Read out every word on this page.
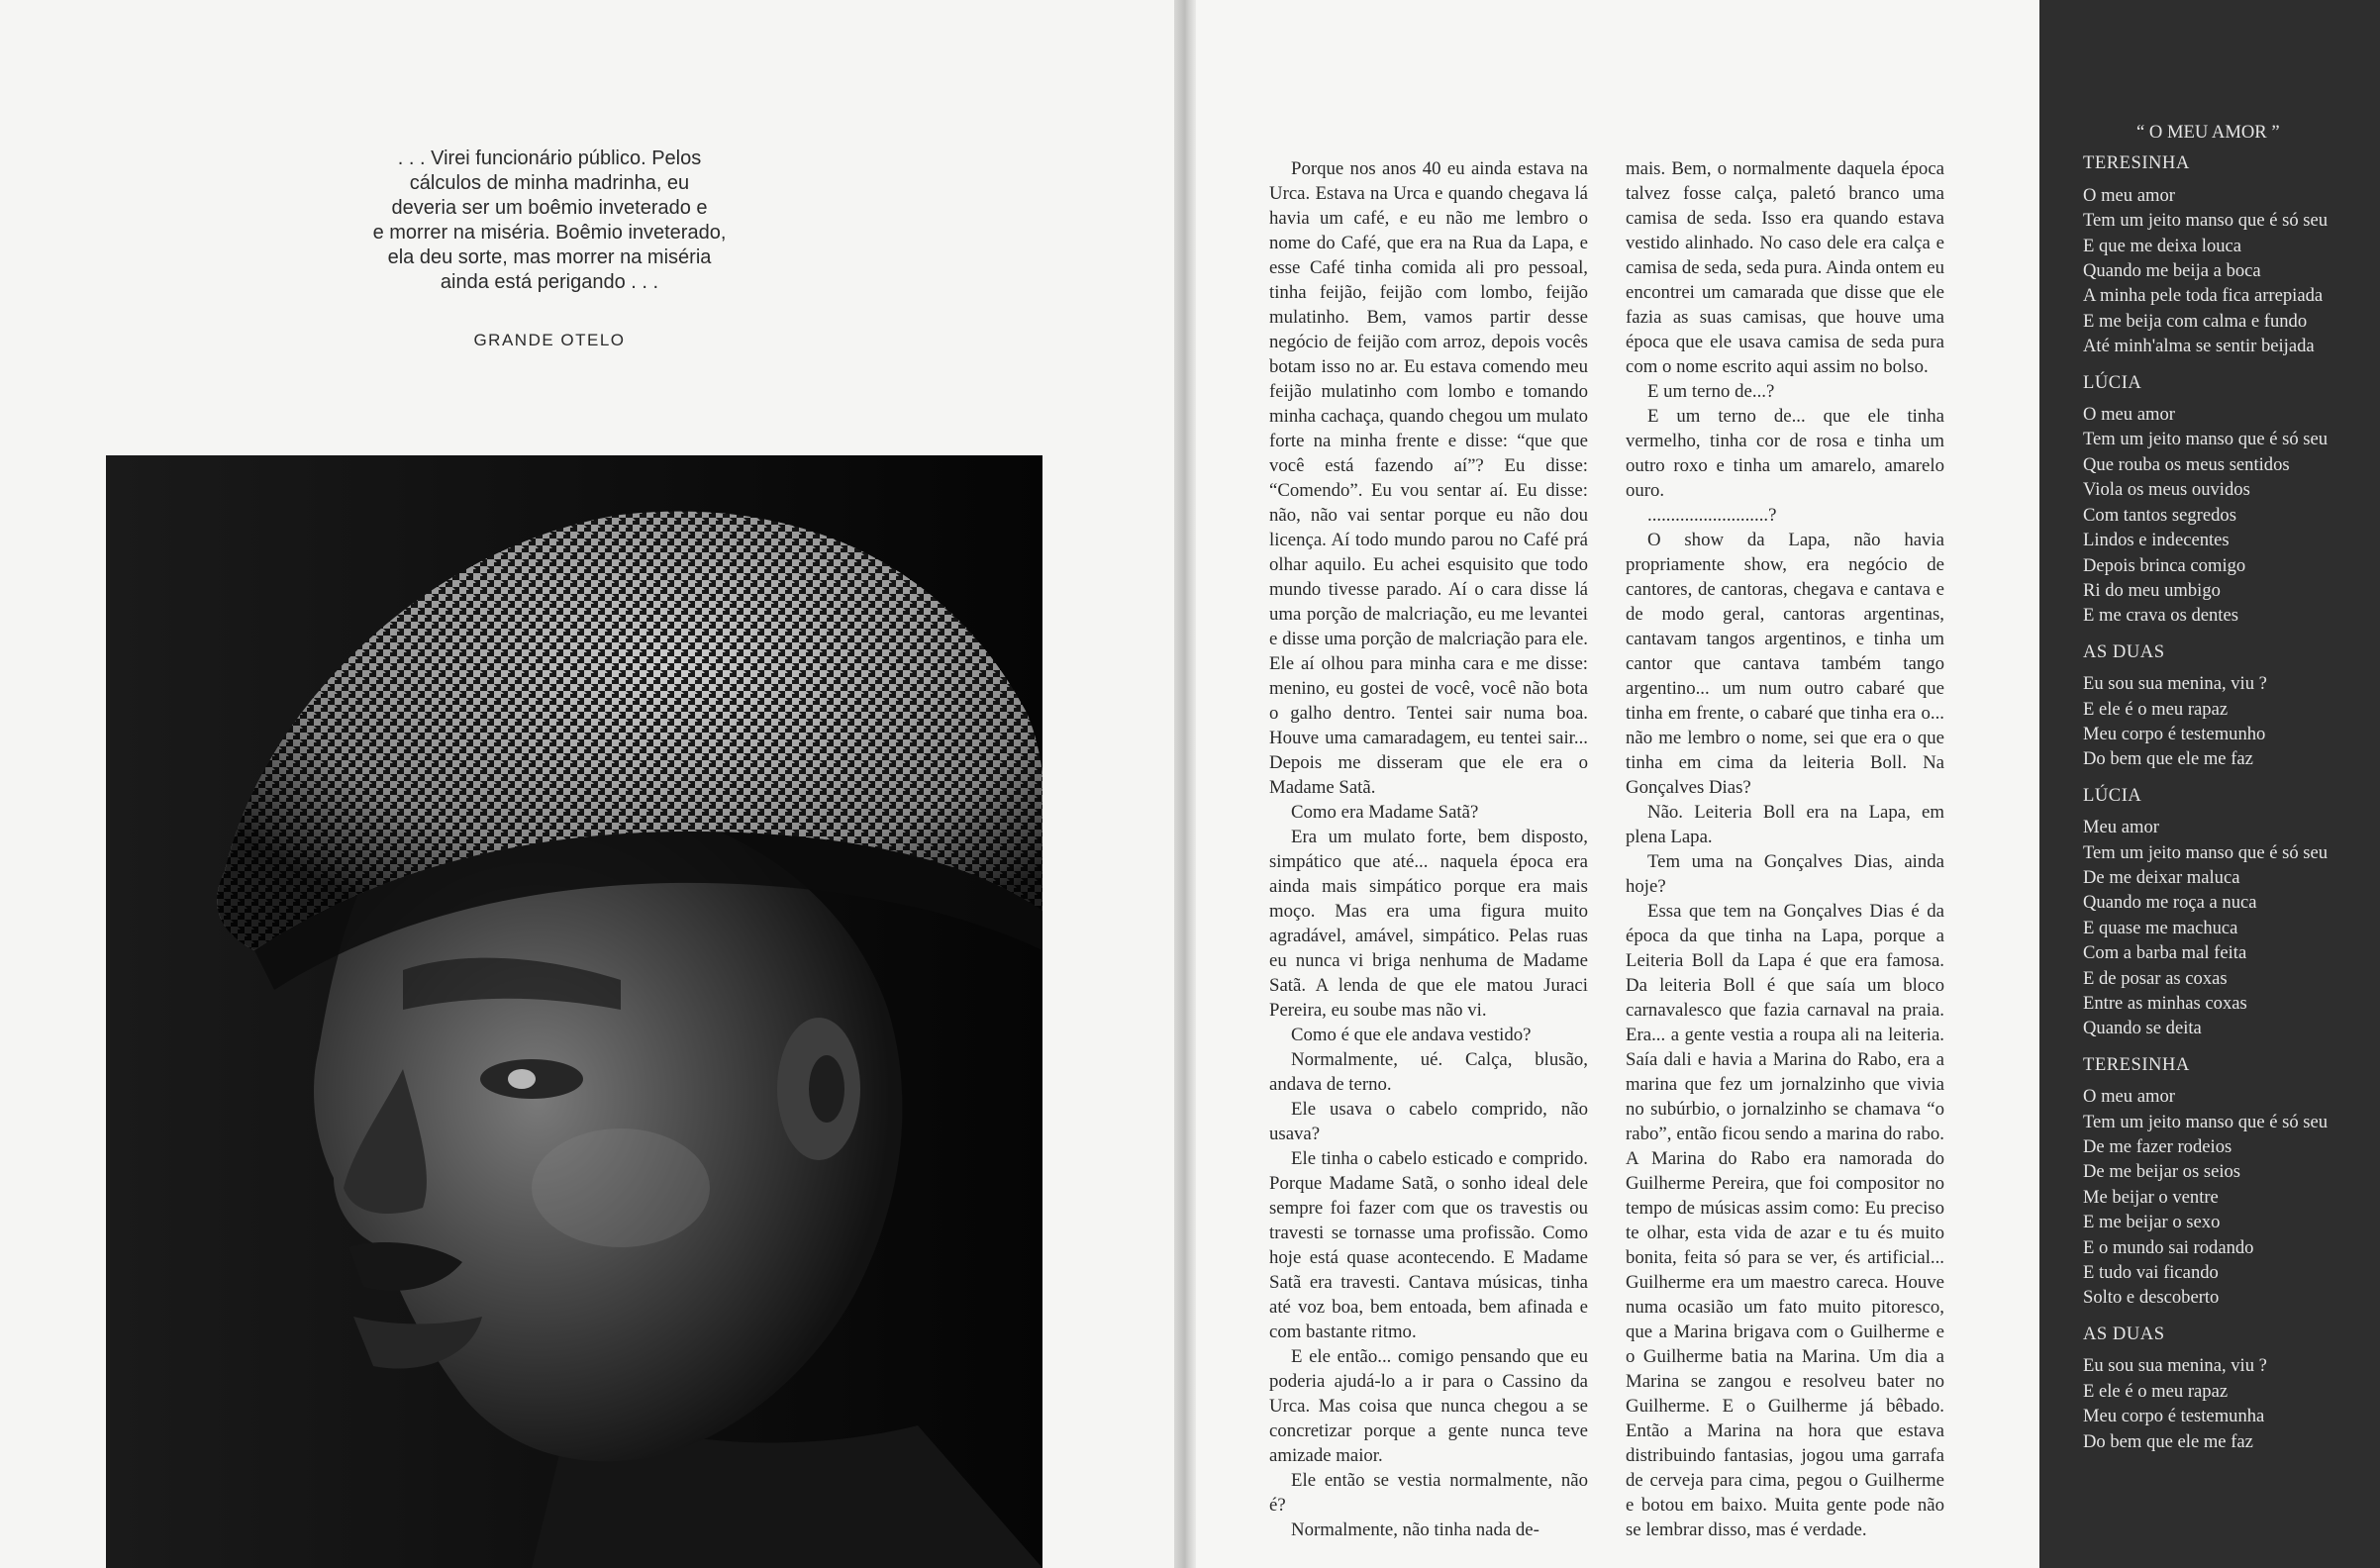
. . . Virei funcionário público. Pelos
cálculos de minha madrinha, eu
deveria ser um boêmio inveterado e
e morrer na miséria. Boêmio inveterado,
ela deu sorte, mas morrer na miséria
ainda está perigando . . .
GRANDE OTELO

Porque nos anos 40 eu ainda estava na Urca. Estava na Urca e quando chegava lá havia um café, e eu não me lembro o nome do Café, que era na Rua da Lapa, e esse Café tinha comida ali pro pessoal, tinha feijão, feijão com lombo, feijão mulatinho. Bem, vamos partir desse negócio de feijão com arroz, depois vocês botam isso no ar. Eu estava comendo meu feijão mulatinho com lombo e tomando minha cachaça, quando chegou um mulato forte na minha frente e disse: “que que você está fazendo aí”? Eu disse: “Comendo”. Eu vou sentar aí. Eu disse: não, não vai sentar porque eu não dou licença. Aí todo mundo parou no Café prá olhar aquilo. Eu achei esquisito que todo mundo tivesse parado. Aí o cara disse lá uma porção de malcriação, eu me levantei e disse uma porção de malcriação para ele. Ele aí olhou para minha cara e me disse: menino, eu gostei de você, você não bota o galho dentro. Tentei sair numa boa. Houve uma camaradagem, eu tentei sair... Depois me disseram que ele era o Madame Satã.

Como era Madame Satã?

Era um mulato forte, bem disposto, simpático que até... naquela época era ainda mais simpático porque era mais moço. Mas era uma figura muito agradável, amável, simpático. Pelas ruas eu nunca vi briga nenhuma de Madame Satã. A lenda de que ele matou Juraci Pereira, eu soube mas não vi.

Como é que ele andava vestido?

Normalmente, ué. Calça, blusão, andava de terno.

Ele usava o cabelo comprido, não usava?

Ele tinha o cabelo esticado e comprido. Porque Madame Satã, o sonho ideal dele sempre foi fazer com que os travestis ou travesti se tornasse uma profissão. Como hoje está quase acontecendo. E Madame Satã era travesti. Cantava músicas, tinha até voz boa, bem entoada, bem afinada e com bastante ritmo.

E ele então... comigo pensando que eu poderia ajudá-lo a ir para o Cassino da Urca. Mas coisa que nunca chegou a se concretizar porque a gente nunca teve amizade maior.

Ele então se vestia normalmente, não é?

Normalmente, não tinha nada de-

mais. Bem, o normalmente daquela época talvez fosse calça, paletó branco uma camisa de seda. Isso era quando estava vestido alinhado. No caso dele era calça e camisa de seda, seda pura. Ainda ontem eu encontrei um camarada que disse que ele fazia as suas camisas, que houve uma época que ele usava camisa de seda pura com o nome escrito aqui assim no bolso.

E um terno de...?

E um terno de... que ele tinha vermelho, tinha cor de rosa e tinha um outro roxo e tinha um amarelo, amarelo ouro.

..........................?

O show da Lapa, não havia propriamente show, era negócio de cantores, de cantoras, chegava e cantava e de modo geral, cantoras argentinas, cantavam tangos argentinos, e tinha um cantor que cantava também tango argentino... um num outro cabaré que tinha em frente, o cabaré que tinha era o... não me lembro o nome, sei que era o que tinha em cima da leiteria Boll. Na Gonçalves Dias?

Não. Leiteria Boll era na Lapa, em plena Lapa.

Tem uma na Gonçalves Dias, ainda hoje?

Essa que tem na Gonçalves Dias é da época da que tinha na Lapa, porque a Leiteria Boll da Lapa é que era famosa. Da leiteria Boll é que saía um bloco carnavalesco que fazia carnaval na praia. Era... a gente vestia a roupa ali na leiteria. Saía dali e havia a Marina do Rabo, era a marina que fez um jornalzinho que vivia no subúrbio, o jornalzinho se chamava “o rabo”, então ficou sendo a marina do rabo. A Marina do Rabo era namorada do Guilherme Pereira, que foi compositor no tempo de músicas assim como: Eu preciso te olhar, esta vida de azar e tu és muito bonita, feita só para se ver, és artificial... Guilherme era um maestro careca. Houve numa ocasião um fato muito pitoresco, que a Marina brigava com o Guilherme e o Guilherme batia na Marina. Um dia a Marina se zangou e resolveu bater no Guilherme. E o Guilherme já bêbado. Então a Marina na hora que estava distribuindo fantasias, jogou uma garrafa de cerveja para cima, pegou o Guilherme e botou em baixo. Muita gente pode não se lembrar disso, mas é verdade.

“ O MEU AMOR ”
TERESINHA
O meu amor
Tem um jeito manso que é só seu
E que me deixa louca
Quando me beija a boca
A minha pele toda fica arrepiada
E me beija com calma e fundo
Até minh'alma se sentir beijada
LÚCIA
O meu amor
Tem um jeito manso que é só seu
Que rouba os meus sentidos
Viola os meus ouvidos
Com tantos segredos
Lindos e indecentes
Depois brinca comigo
Ri do meu umbigo
E me crava os dentes
AS DUAS
Eu sou sua menina, viu ?
E ele é o meu rapaz
Meu corpo é testemunho
Do bem que ele me faz
LÚCIA
Meu amor
Tem um jeito manso que é só seu
De me deixar maluca
Quando me roça a nuca
E quase me machuca
Com a barba mal feita
E de posar as coxas
Entre as minhas coxas
Quando se deita
TERESINHA
O meu amor
Tem um jeito manso que é só seu
De me fazer rodeios
De me beijar os seios
Me beijar o ventre
E me beijar o sexo
E o mundo sai rodando
E tudo vai ficando
Solto e descoberto
AS DUAS
Eu sou sua menina, viu ?
E ele é o meu rapaz
Meu corpo é testemunha
Do bem que ele me faz
